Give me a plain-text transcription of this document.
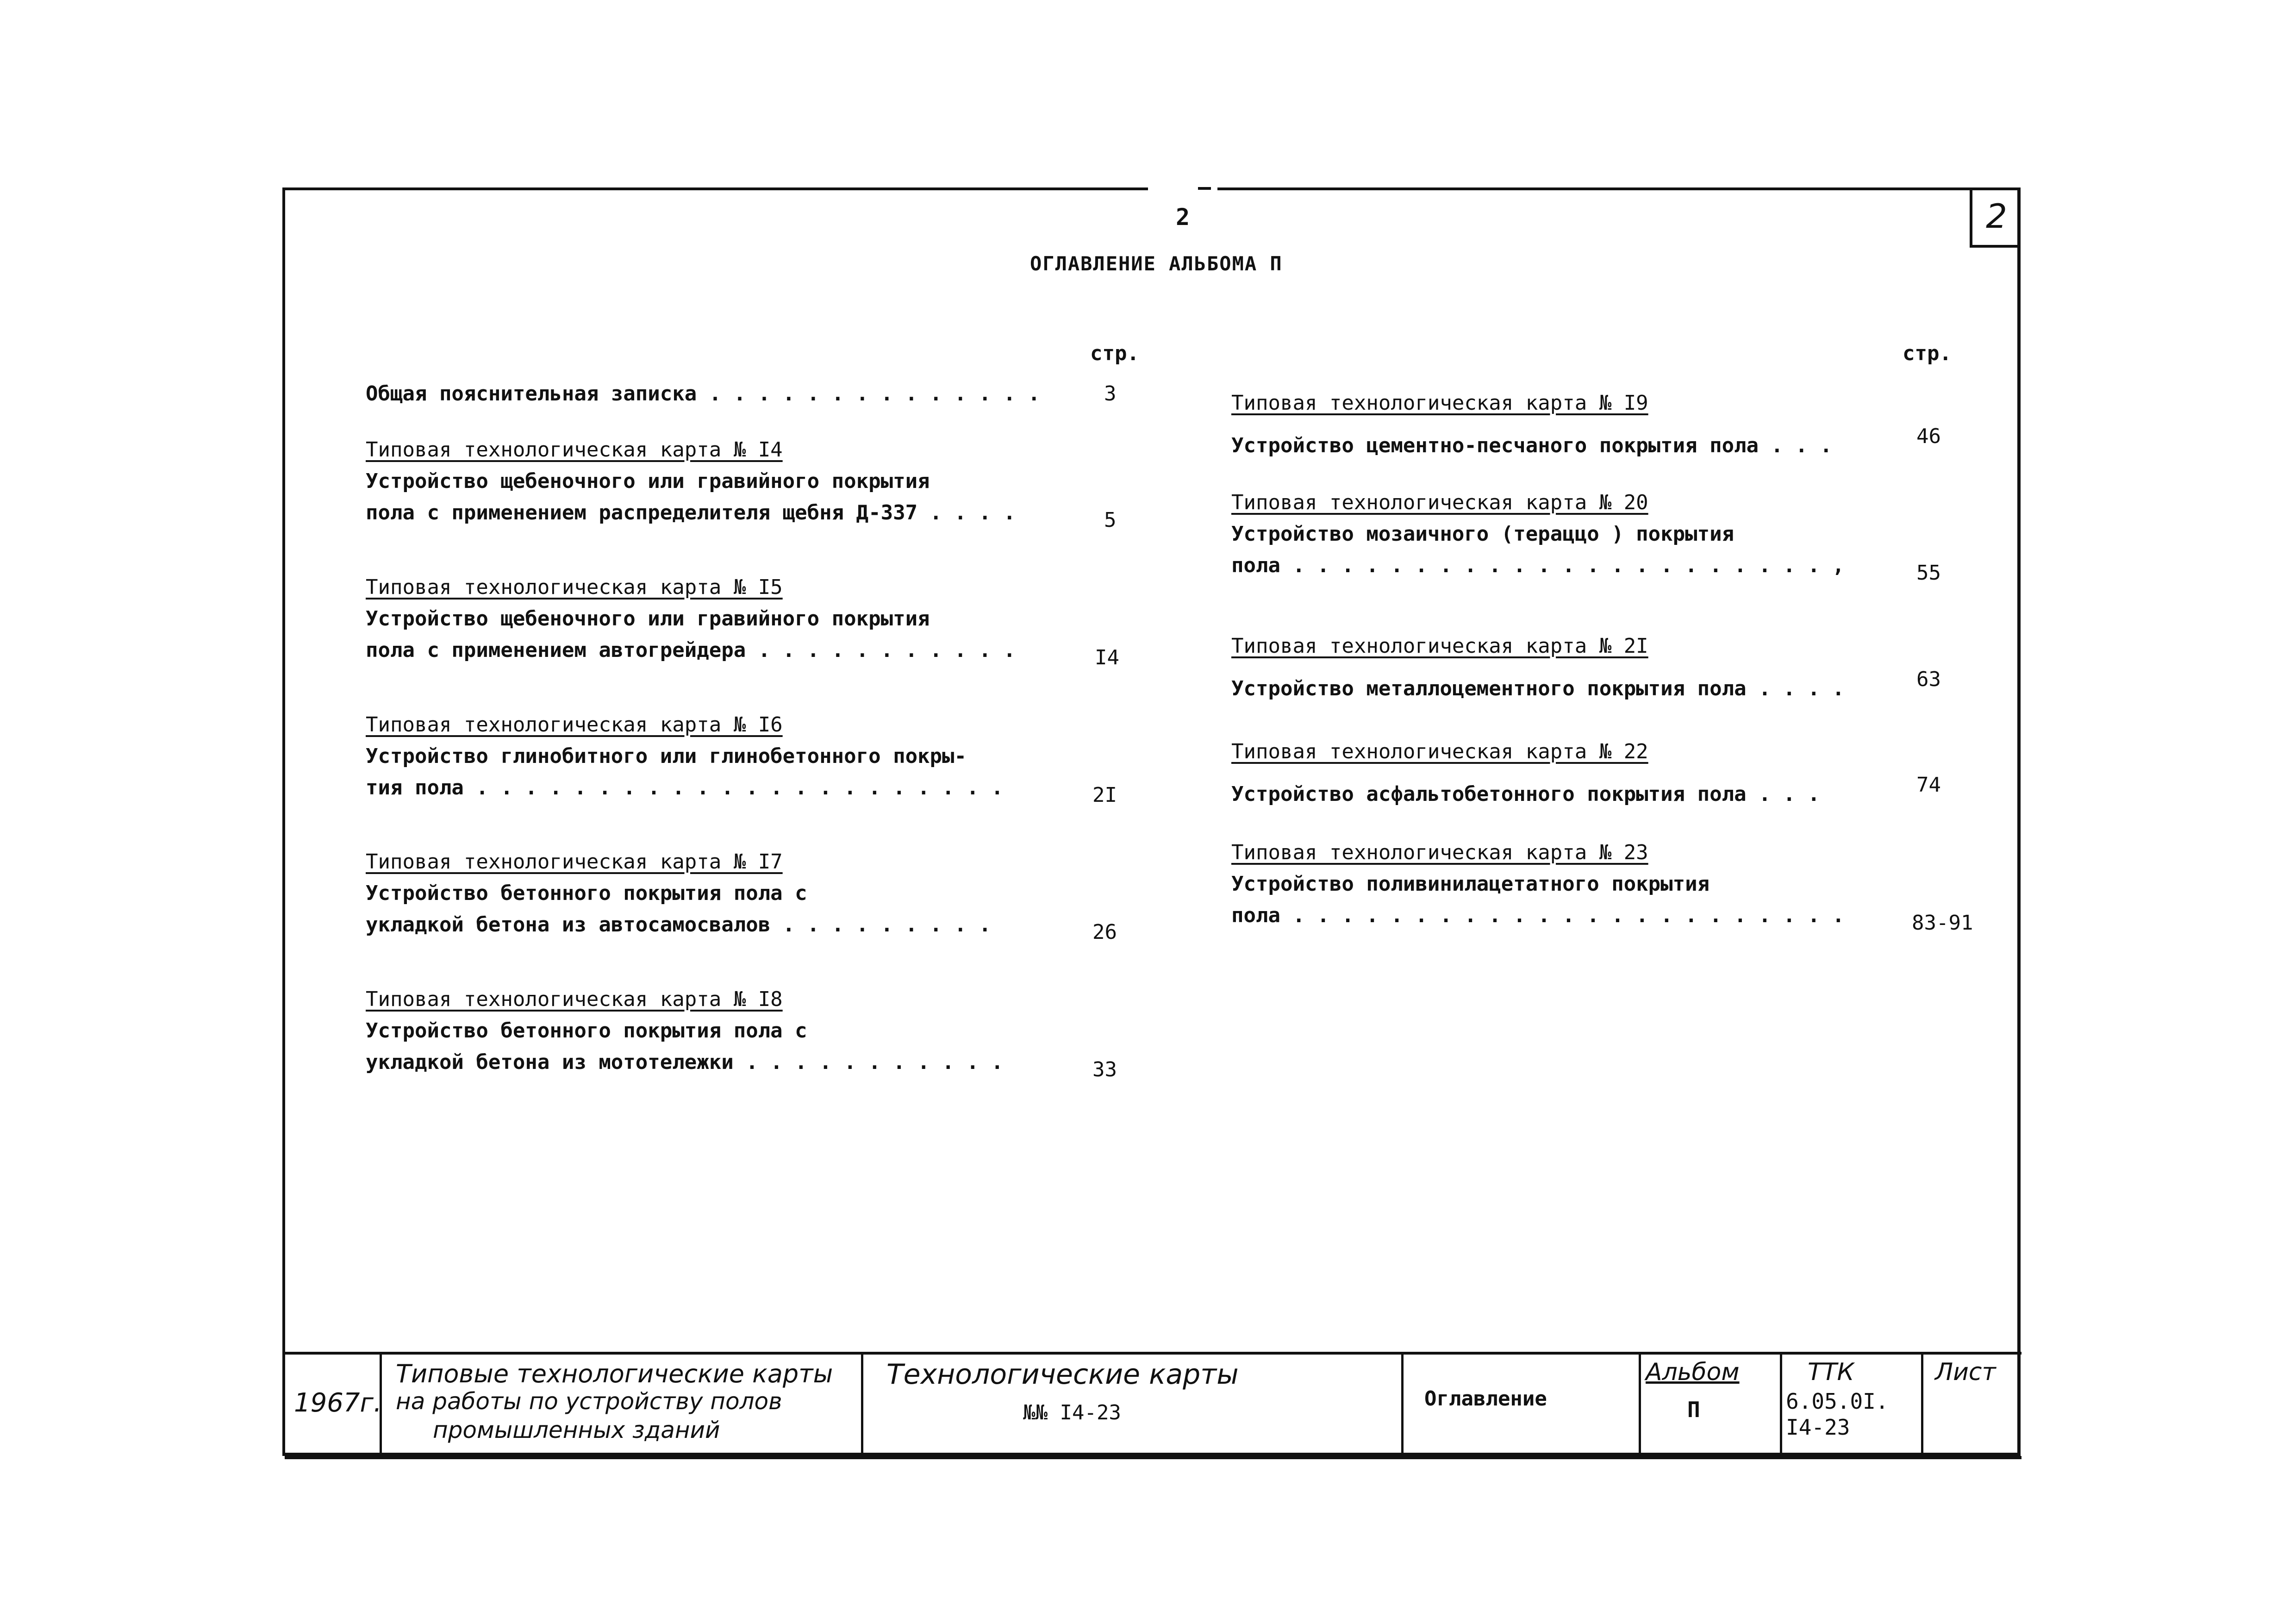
2
2
ОГЛАВЛЕНИЕ АЛЬБОМА П
стр.	стр.
Общая пояснительная записка . . . . . . . . . . . . . .	3
Типовая технологическая карта № I4
Устройство щебеночного или гравийного покрытия
пола с применением распределителя щебня Д-337 . . . .	5
Типовая технологическая карта № I5
Устройство щебеночного или гравийного покрытия
пола с применением автогрейдера . . . . . . . . . . .	I4
Типовая технологическая карта № I6
Устройство глинобитного или глинобетонного покры-
тия пола . . . . . . . . . . . . . . . . . . . . . .	2I
Типовая технологическая карта № I7
Устройство бетонного покрытия пола с
укладкой бетона из автосамосвалов . . . . . . . . .	26
Типовая технологическая карта № I8
Устройство бетонного покрытия пола с
укладкой бетона из мототележки . . . . . . . . . . .	33
Типовая технологическая карта № I9
Устройство цементно-песчаного покрытия пола . . .	46
Типовая технологическая карта № 20
Устройство мозаичного (тераццо ) покрытия
пола . . . . . . . . . . . . . . . . . . . . . . ,	55
Типовая технологическая карта № 2I
Устройство металлоцементного покрытия пола . . . .	63
Типовая технологическая карта № 22
Устройство асфальтобетонного покрытия пола . . .	74
Типовая технологическая карта № 23
Устройство поливинилацетатного покрытия
пола . . . . . . . . . . . . . . . . . . . . . . .	83-91
1967г.
Типовые технологические карты
на работы по устройству полов
промышленных зданий
Технологические карты
№№ I4-23
Оглавление
Альбом
П
ТТК
6.05.0I.
I4-23
Лист
